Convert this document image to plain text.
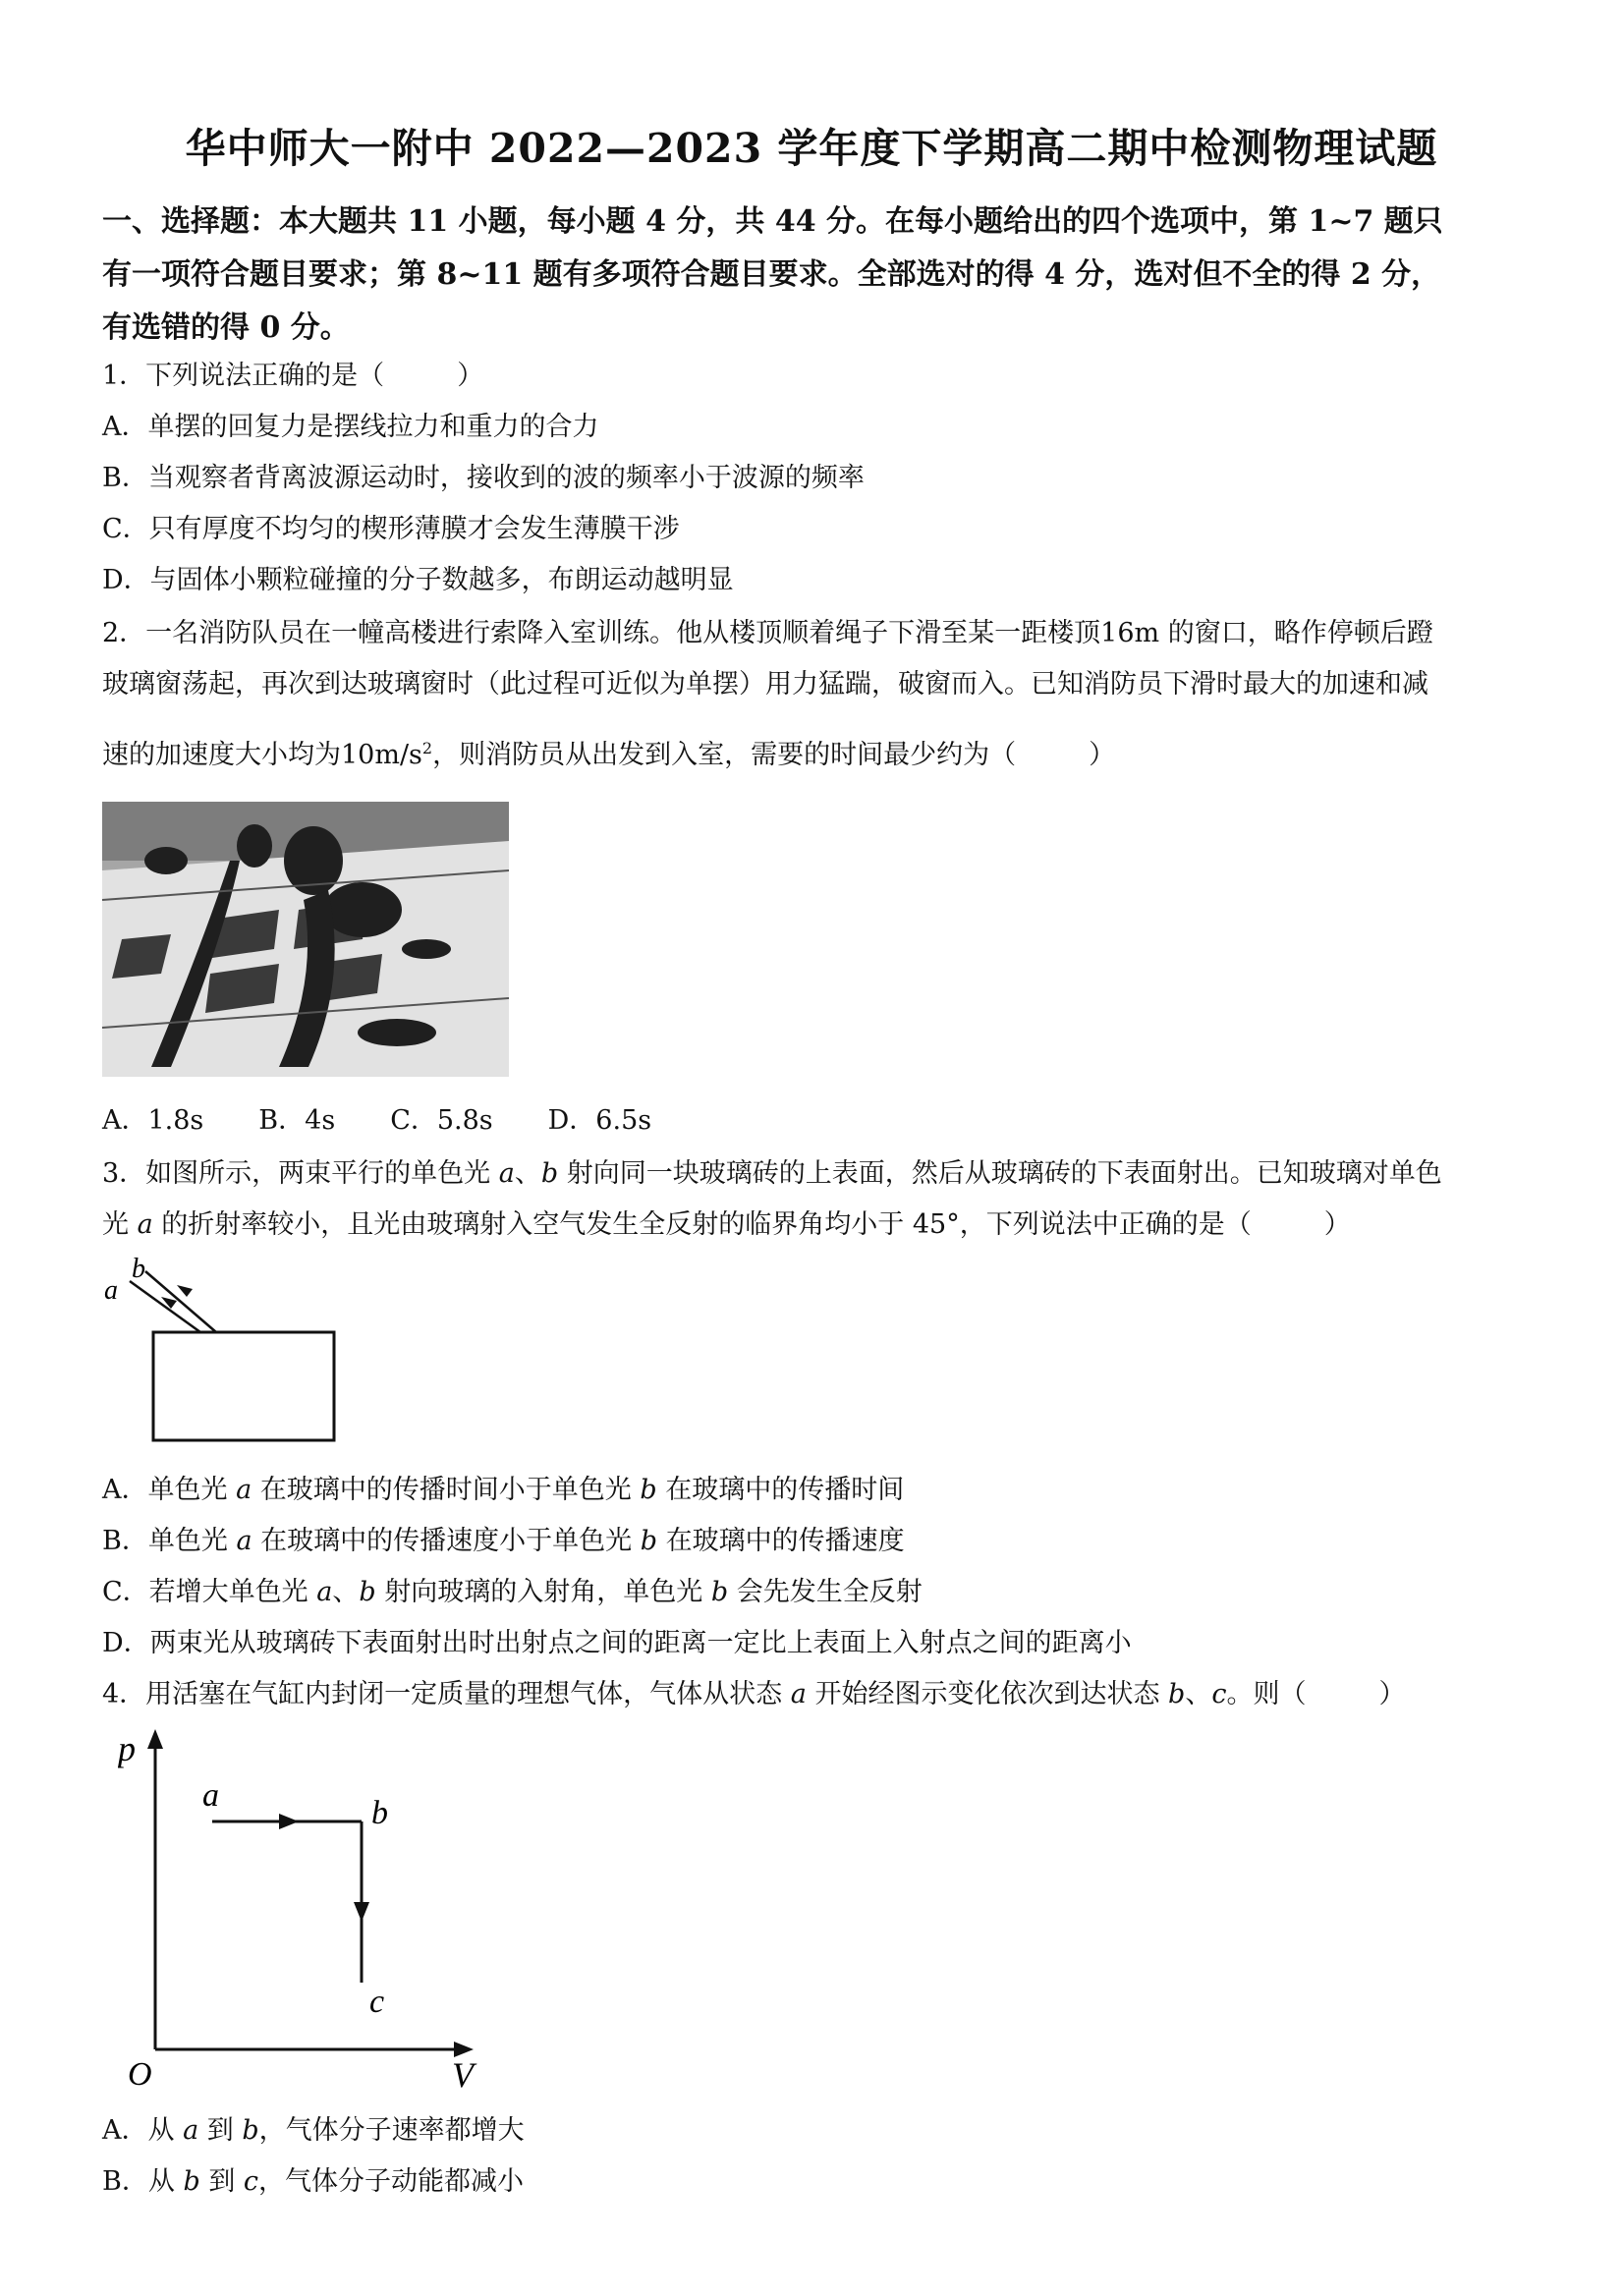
华中师大一附中 2022—2023 学年度下学期高二期中检测物理试题
一、选择题：本大题共 11 小题，每小题 4 分，共 44 分。在每小题给出的四个选项中，第 1~7 题只
有一项符合题目要求；第 8~11 题有多项符合题目要求。全部选对的得 4 分，选对但不全的得 2 分，
有选错的得 0 分。
1．下列说法正确的是（	）
A．单摆的回复力是摆线拉力和重力的合力
B．当观察者背离波源运动时，接收到的波的频率小于波源的频率
C．只有厚度不均匀的楔形薄膜才会发生薄膜干涉
D．与固体小颗粒碰撞的分子数越多，布朗运动越明显
2．一名消防队员在一幢高楼进行索降入室训练。他从楼顶顺着绳子下滑至某一距楼顶16m 的窗口，略作停顿后蹬
玻璃窗荡起，再次到达玻璃窗时（此过程可近似为单摆）用力猛踹，破窗而入。已知消防员下滑时最大的加速和减
速的加速度大小均为$10m/s^2$，则消防员从出发到入室，需要的时间最少约为（	）
A．1.8s B．4s C．5.8s D．6.5s
3．如图所示，两束平行的单色光 a、b 射向同一块玻璃砖的上表面，然后从玻璃砖的下表面射出。已知玻璃对单色
光 a 的折射率较小，且光由玻璃射入空气发生全反射的临界角均小于 45°，下列说法中正确的是（	）
a
b
A．单色光 a 在玻璃中的传播时间小于单色光 b 在玻璃中的传播时间
B．单色光 a 在玻璃中的传播速度小于单色光 b 在玻璃中的传播速度
C．若增大单色光 a、b 射向玻璃的入射角，单色光 b 会先发生全反射
D．两束光从玻璃砖下表面射出时出射点之间的距离一定比上表面上入射点之间的距离小
4．用活塞在气缸内封闭一定质量的理想气体，气体从状态 a 开始经图示变化依次到达状态 b、c。则（	）
p
V
O
a	b
c
A．从 a 到 b，气体分子速率都增大
B．从 b 到 c，气体分子动能都减小
